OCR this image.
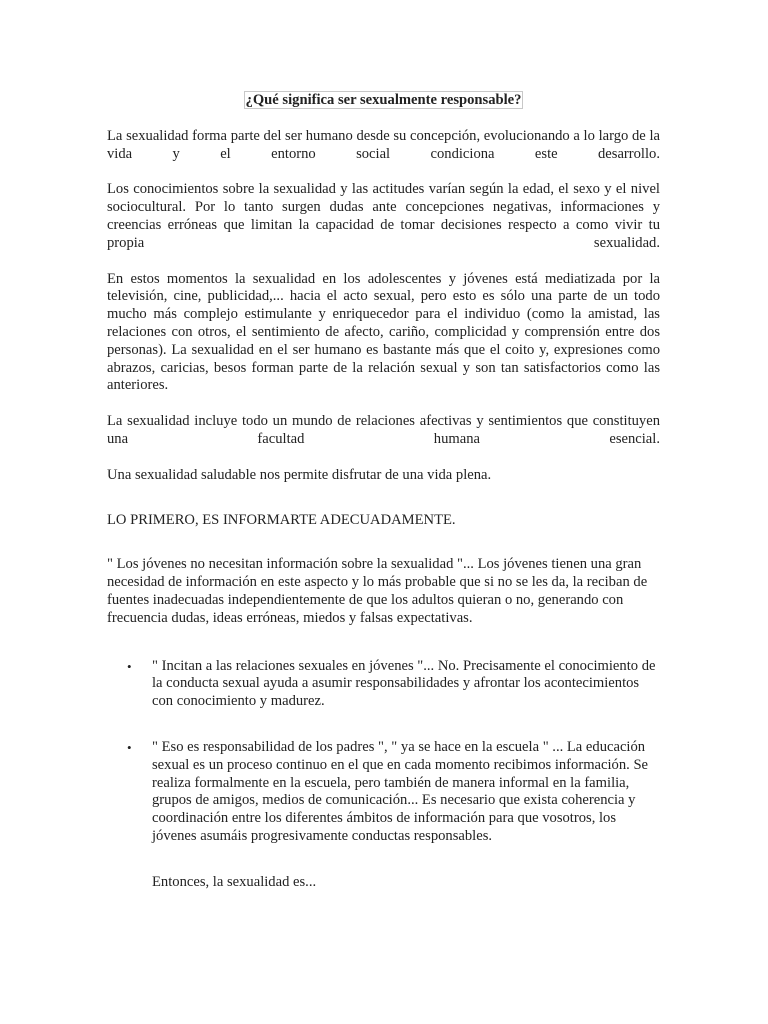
¿Qué significa ser sexualmente responsable?

La sexualidad forma parte del ser humano desde su concepción, evolucionando a lo largo de la vida y el entorno social condiciona este desarrollo.

Los conocimientos sobre la sexualidad y las actitudes varían según la edad, el sexo y el nivel sociocultural. Por lo tanto surgen dudas ante concepciones negativas, informaciones y creencias erróneas que limitan la capacidad de tomar decisiones respecto a como vivir tu propia sexualidad.

En estos momentos la sexualidad en los adolescentes y jóvenes está mediatizada por la televisión, cine, publicidad,... hacia el acto sexual, pero esto es sólo una parte de un todo mucho más complejo estimulante y enriquecedor para el individuo (como la amistad, las relaciones con otros, el sentimiento de afecto, cariño, complicidad y comprensión entre dos personas). La sexualidad en el ser humano es bastante más que el coito y, expresiones como abrazos, caricias, besos forman parte de la relación sexual y son tan satisfactorios como las anteriores.

La sexualidad incluye todo un mundo de relaciones afectivas y sentimientos que constituyen una facultad humana esencial.

Una sexualidad saludable nos permite disfrutar de una vida plena.

LO PRIMERO, ES INFORMARTE ADECUADAMENTE.

" Los jóvenes no necesitan información sobre la sexualidad "... Los jóvenes tienen una gran necesidad de información en este aspecto y lo más probable que si no se les da, la reciban de fuentes inadecuadas independientemente de que los adultos quieran o no, generando con frecuencia dudas, ideas erróneas, miedos y falsas expectativas.

• " Incitan a las relaciones sexuales en jóvenes "... No. Precisamente el conocimiento de la conducta sexual ayuda a asumir responsabilidades y afrontar los acontecimientos con conocimiento y madurez.
• " Eso es responsabilidad de los padres ", " ya se hace en la escuela " ... La educación sexual es un proceso continuo en el que en cada momento recibimos información. Se realiza formalmente en la escuela, pero también de manera informal en la familia, grupos de amigos, medios de comunicación... Es necesario que exista coherencia y coordinación entre los diferentes ámbitos de información para que vosotros, los jóvenes asumáis progresivamente conductas responsables.

Entonces, la sexualidad es...
